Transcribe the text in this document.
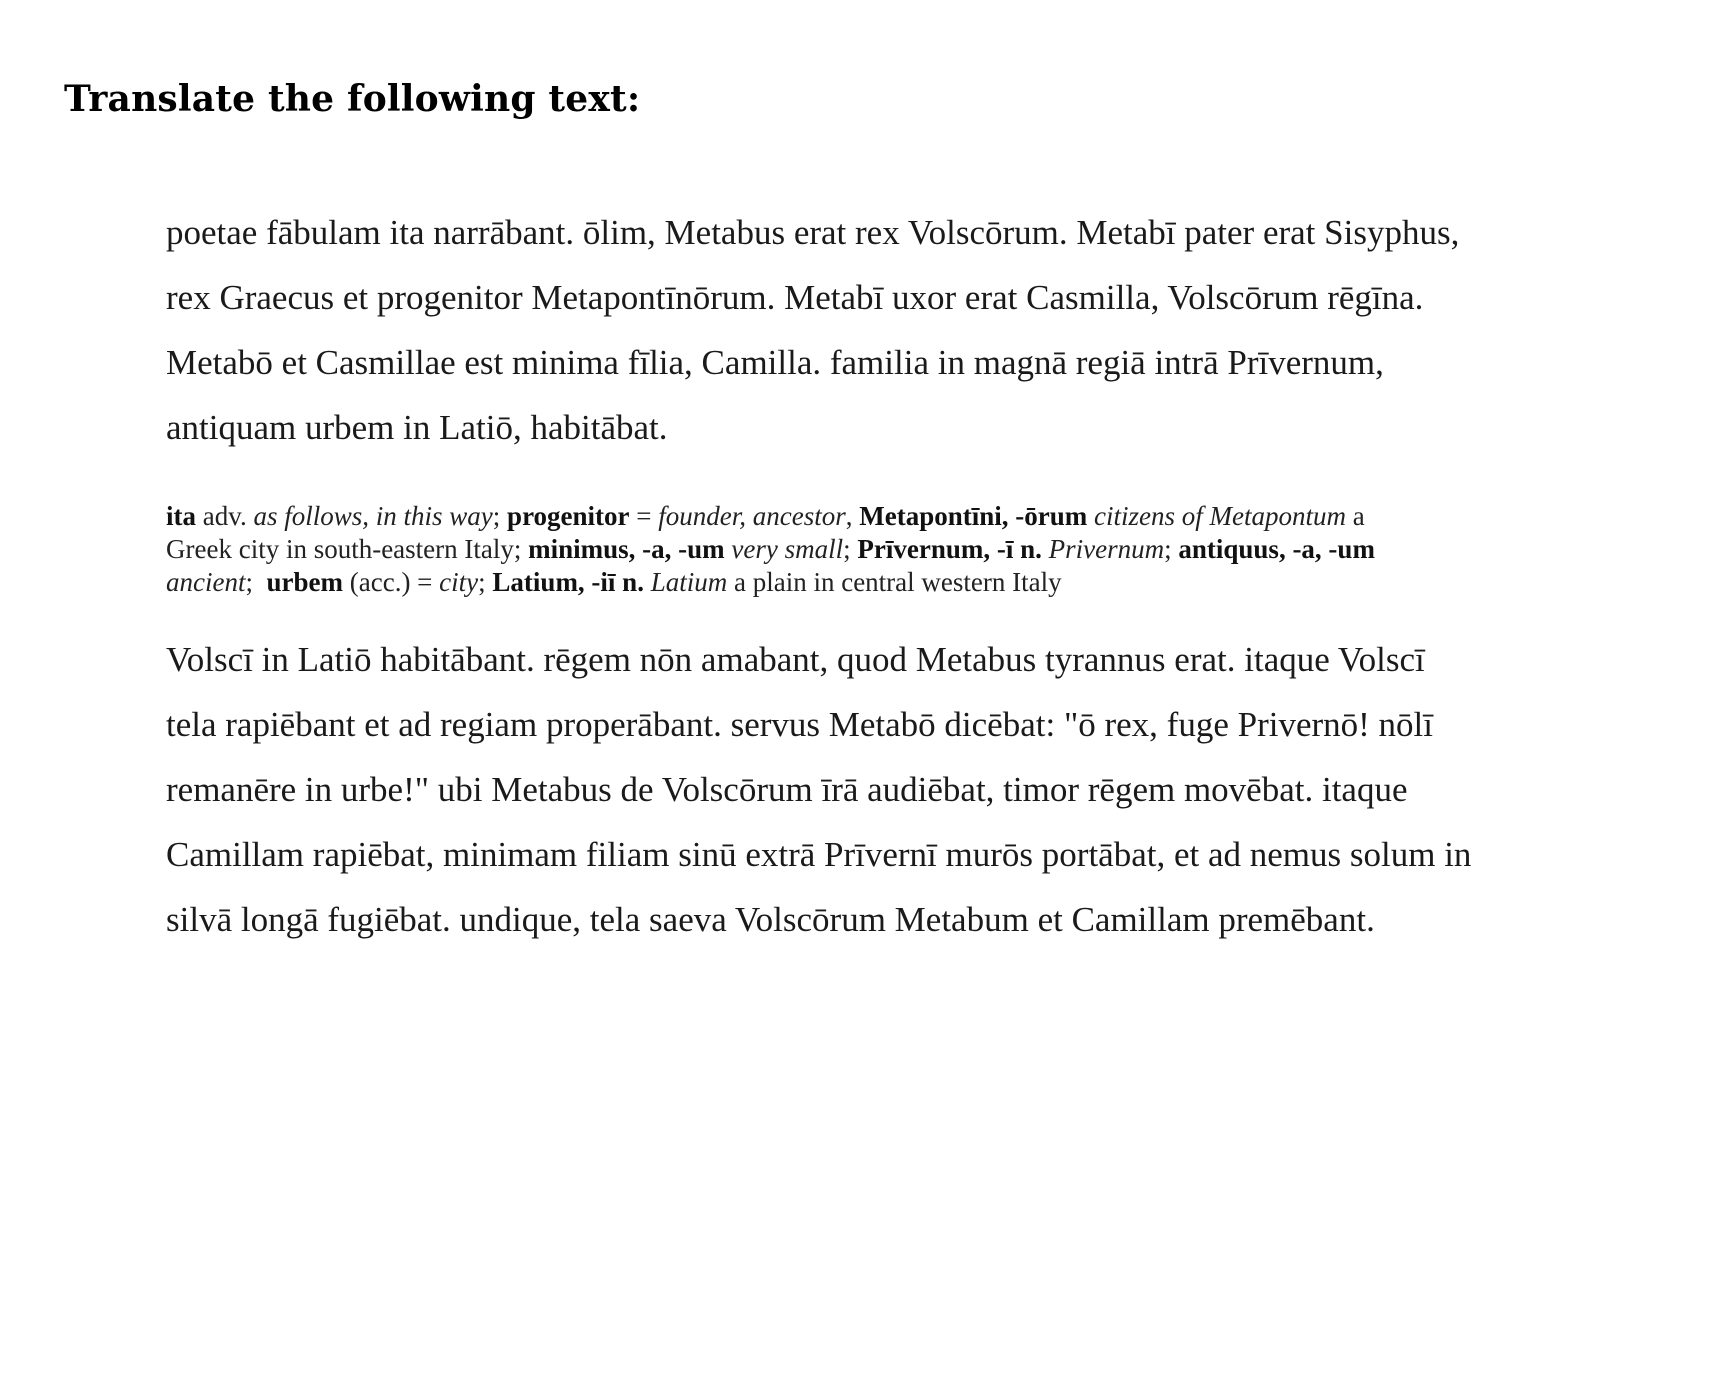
Translate the following text:

poetae fābulam ita narrābant. ōlim, Metabus erat rex Volscōrum. Metabī pater erat Sisyphus,
rex Graecus et progenitor Metapontīnōrum. Metabī uxor erat Casmilla, Volscōrum rēgīna.
Metabō et Casmillae est minima fīlia, Camilla. familia in magnā regiā intrā Prīvernum,
antiquam urbem in Latiō, habitābat.

ita adv. as follows, in this way; progenitor = founder, ancestor, Metapontīni, -ōrum citizens of Metapontum a
Greek city in south-eastern Italy; minimus, -a, -um very small; Prīvernum, -ī n. Privernum; antiquus, -a, -um
ancient;  urbem (acc.) = city; Latium, -iī n. Latium a plain in central western Italy

Volscī in Latiō habitābant. rēgem nōn amabant, quod Metabus tyrannus erat. itaque Volscī
tela rapiēbant et ad regiam properābant. servus Metabō dicēbat: "ō rex, fuge Privernō! nōlī
remanēre in urbe!" ubi Metabus de Volscōrum īrā audiēbat, timor rēgem movēbat. itaque
Camillam rapiēbat, minimam filiam sinū extrā Prīvernī murōs portābat, et ad nemus solum in
silvā longā fugiēbat. undique, tela saeva Volscōrum Metabum et Camillam premēbant.
